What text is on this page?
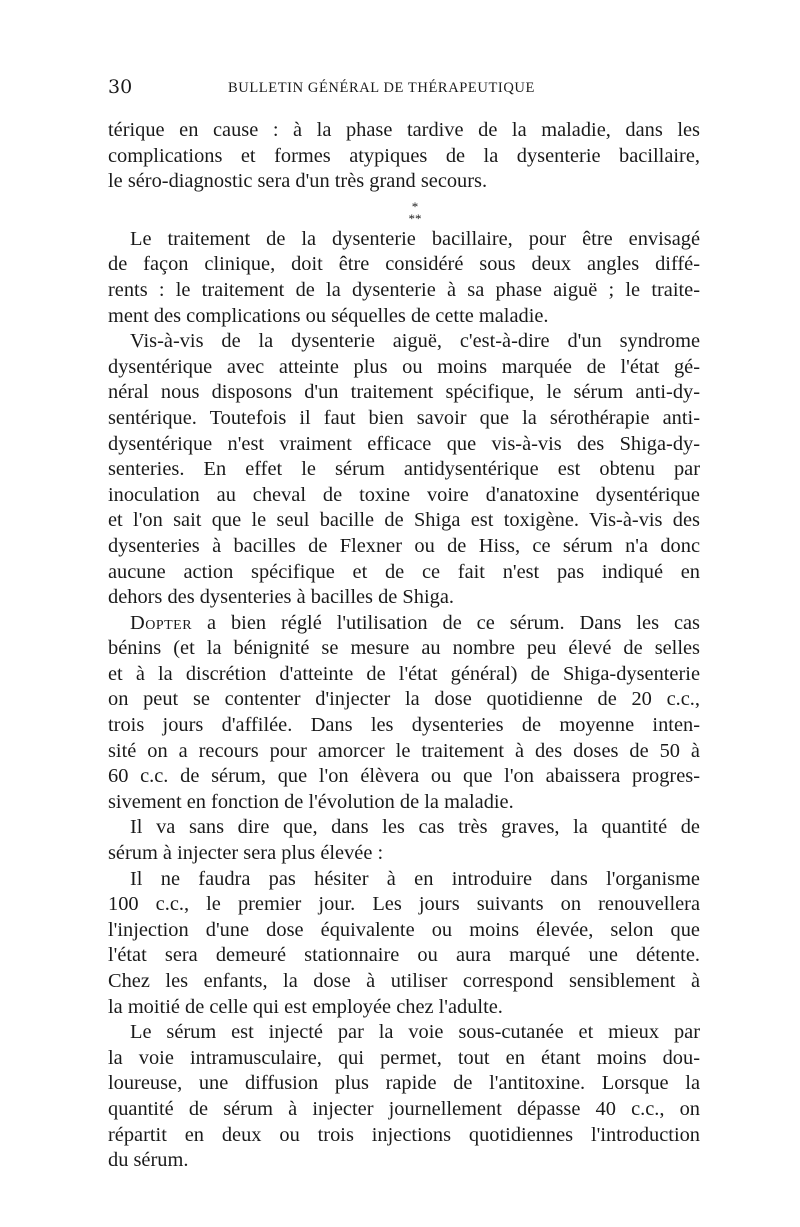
30	BULLETIN GÉNÉRAL DE THÉRAPEUTIQUE
térique en cause : à la phase tardive de la maladie, dans les
complications et formes atypiques de la dysenterie bacillaire,
le séro-diagnostic sera d'un très grand secours.
*
**
Le traitement de la dysenterie bacillaire, pour être envisagé
de façon clinique, doit être considéré sous deux angles diffé-
rents : le traitement de la dysenterie à sa phase aiguë ; le traite-
ment des complications ou séquelles de cette maladie.
Vis-à-vis de la dysenterie aiguë, c'est-à-dire d'un syndrome
dysentérique avec atteinte plus ou moins marquée de l'état gé-
néral nous disposons d'un traitement spécifique, le sérum anti-dy-
sentérique. Toutefois il faut bien savoir que la sérothérapie anti-
dysentérique n'est vraiment efficace que vis-à-vis des Shiga-dy-
senteries. En effet le sérum antidysentérique est obtenu par
inoculation au cheval de toxine voire d'anatoxine dysentérique
et l'on sait que le seul bacille de Shiga est toxigène. Vis-à-vis des
dysenteries à bacilles de Flexner ou de Hiss, ce sérum n'a donc
aucune action spécifique et de ce fait n'est pas indiqué en
dehors des dysenteries à bacilles de Shiga.
Dopter a bien réglé l'utilisation de ce sérum. Dans les cas
bénins (et la bénignité se mesure au nombre peu élevé de selles
et à la discrétion d'atteinte de l'état général) de Shiga-dysenterie
on peut se contenter d'injecter la dose quotidienne de 20 c.c.,
trois jours d'affilée. Dans les dysenteries de moyenne inten-
sité on a recours pour amorcer le traitement à des doses de 50 à
60 c.c. de sérum, que l'on élèvera ou que l'on abaissera progres-
sivement en fonction de l'évolution de la maladie.
Il va sans dire que, dans les cas très graves, la quantité de
sérum à injecter sera plus élevée :
Il ne faudra pas hésiter à en introduire dans l'organisme
100 c.c., le premier jour. Les jours suivants on renouvellera
l'injection d'une dose équivalente ou moins élevée, selon que
l'état sera demeuré stationnaire ou aura marqué une détente.
Chez les enfants, la dose à utiliser correspond sensiblement à
la moitié de celle qui est employée chez l'adulte.
Le sérum est injecté par la voie sous-cutanée et mieux par
la voie intramusculaire, qui permet, tout en étant moins dou-
loureuse, une diffusion plus rapide de l'antitoxine. Lorsque la
quantité de sérum à injecter journellement dépasse 40 c.c., on
répartit en deux ou trois injections quotidiennes l'introduction
du sérum.
